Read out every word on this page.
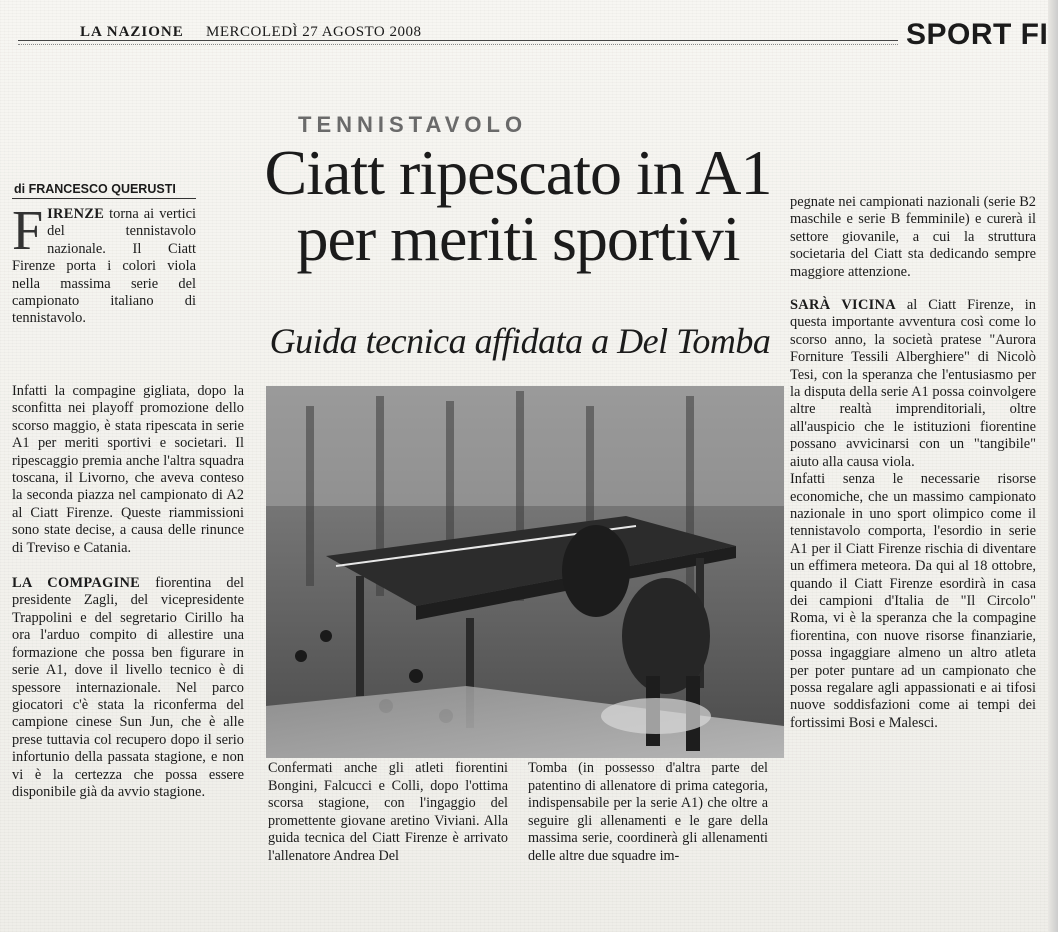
LA NAZIONE MERCOLEDÌ 27 AGOSTO 2008	SPORT FI
TENNISTAVOLO
Ciatt ripescato in A1
per meriti sportivi
Guida tecnica affidata a Del Tomba
di FRANCESCO QUERUSTI

FIRENZE torna ai vertici del tennistavolo nazionale. Il Ciatt Firenze porta i colori viola nella massima serie del campionato italiano di tennistavolo.

Infatti la compagine gigliata, dopo la sconfitta nei playoff promozione dello scorso maggio, è stata ripescata in serie A1 per meriti sportivi e societari. Il ripescaggio premia anche l'altra squadra toscana, il Livorno, che aveva conteso la seconda piazza nel campionato di A2 al Ciatt Firenze. Queste riammissioni sono state decise, a causa delle rinunce di Treviso e Catania.

LA COMPAGINE fiorentina del presidente Zagli, del vicepresidente Trappolini e del segretario Cirillo ha ora l'arduo compito di allestire una formazione che possa ben figurare in serie A1, dove il livello tecnico è di spessore internazionale. Nel parco giocatori c'è stata la riconferma del campione cinese Sun Jun, che è alle prese tuttavia col recupero dopo il serio infortunio della passata stagione, e non vi è la certezza che possa essere disponibile già da avvio stagione.

Confermati anche gli atleti fiorentini Bongini, Falcucci e Colli, dopo l'ottima scorsa stagione, con l'ingaggio del promettente giovane aretino Viviani. Alla guida tecnica del Ciatt Firenze è arrivato l'allenatore Andrea Del

Tomba (in possesso d'altra parte del patentino di allenatore di prima categoria, indispensabile per la serie A1) che oltre a seguire gli allenamenti e le gare della massima serie, coordinerà gli allenamenti delle altre due squadre im-

pegnate nei campionati nazionali (serie B2 maschile e serie B femminile) e curerà il settore giovanile, a cui la struttura societaria del Ciatt sta dedicando sempre maggiore attenzione.

SARÀ VICINA al Ciatt Firenze, in questa importante avventura così come lo scorso anno, la società pratese "Aurora Forniture Tessili Alberghiere" di Nicolò Tesi, con la speranza che l'entusiasmo per la disputa della serie A1 possa coinvolgere altre realtà imprenditoriali, oltre all'auspicio che le istituzioni fiorentine possano avvicinarsi con un "tangibile" aiuto alla causa viola.

Infatti senza le necessarie risorse economiche, che un massimo campionato nazionale in uno sport olimpico come il tennistavolo comporta, l'esordio in serie A1 per il Ciatt Firenze rischia di diventare un effimera meteora. Da qui al 18 ottobre, quando il Ciatt Firenze esordirà in casa dei campioni d'Italia de "Il Circolo" Roma, vi è la speranza che la compagine fiorentina, con nuove risorse finanziarie, possa ingaggiare almeno un altro atleta per poter puntare ad un campionato che possa regalare agli appassionati e ai tifosi nuove soddisfazioni come ai tempi dei fortissimi Bosi e Malesci.
